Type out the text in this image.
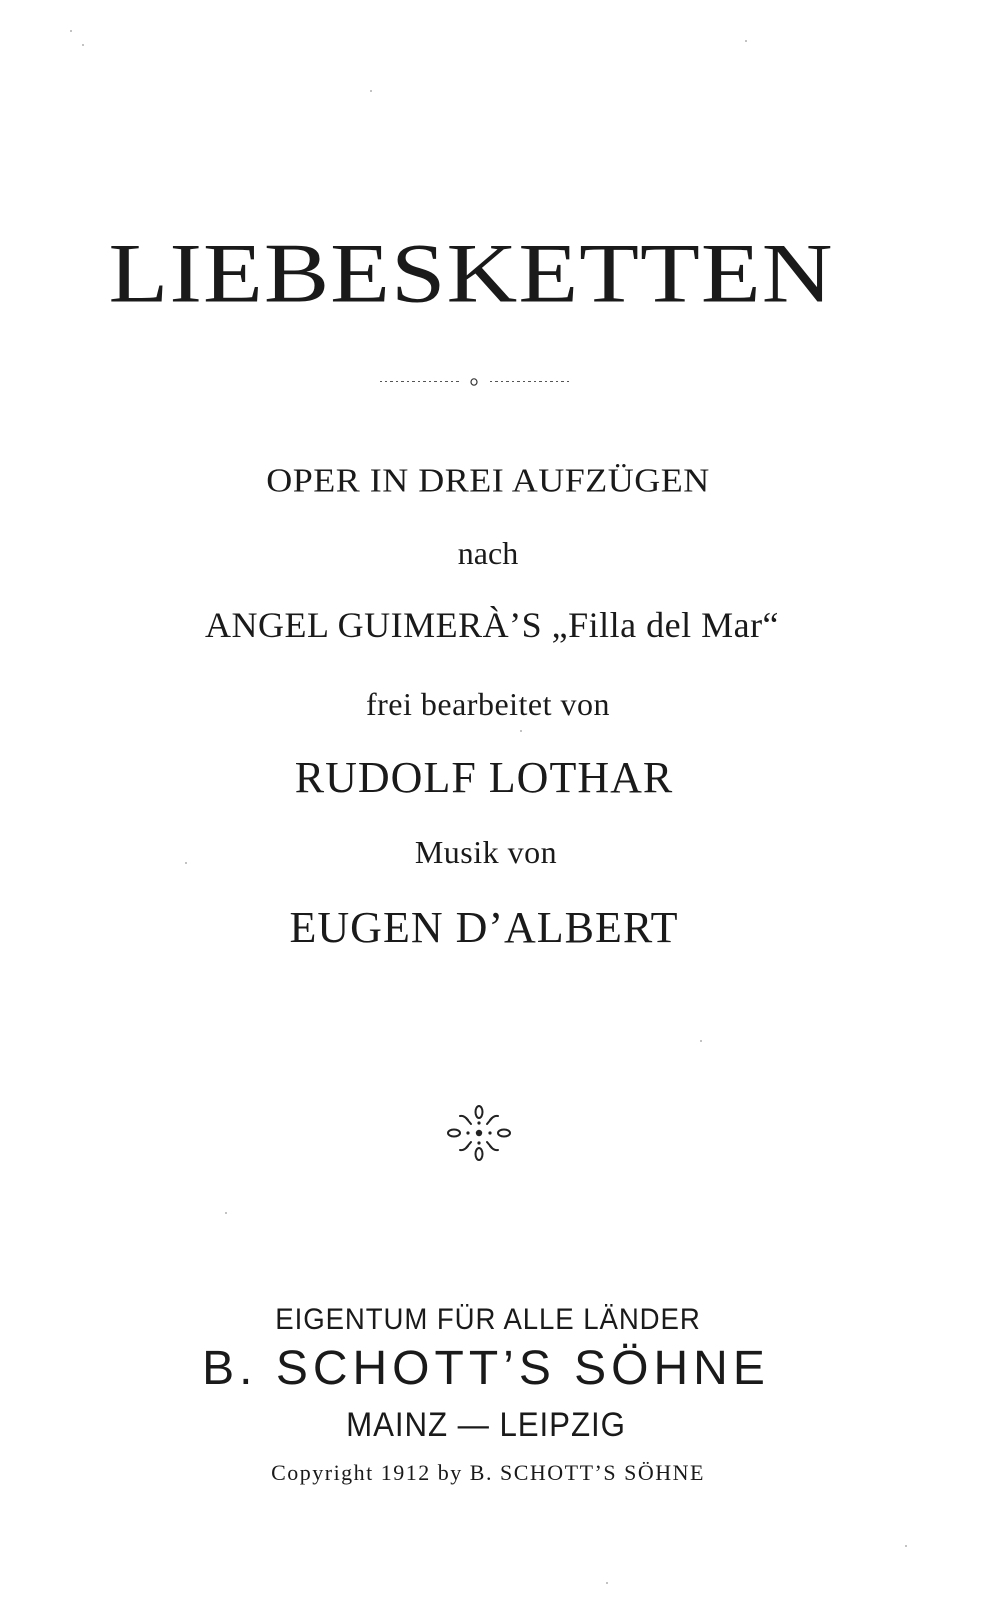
LIEBESKETTEN
OPER IN DREI AUFZÜGEN
nach
ANGEL GUIMERÀ’S „Filla del Mar“
frei bearbeitet von
RUDOLF LOTHAR
Musik von
EUGEN D’ALBERT
EIGENTUM FÜR ALLE LÄNDER
B. SCHOTT’S SÖHNE
MAINZ — LEIPZIG
Copyright 1912 by B. SCHOTT’S SÖHNE
